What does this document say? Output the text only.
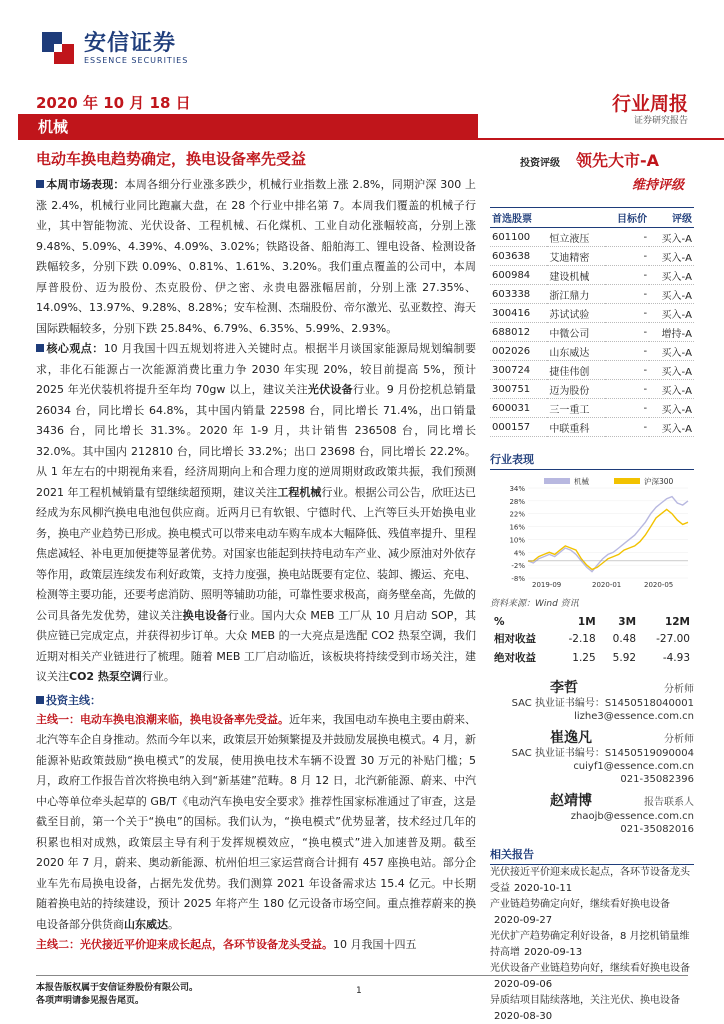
安信证券
ESSENCE SECURITIES
2020 年 10 月 18 日	行业周报
机械	证券研究报告
电动车换电趋势确定，换电设备率先受益

本周市场表现：本周各细分行业涨多跌少，机械行业指数上涨 2.8%，同期沪深 300 上涨 2.4%，机械行业同比跑赢大盘，在 28 个行业中排名第 7。本周我们覆盖的机械子行业，其中智能物流、光伏设备、工程机械、石化煤机、工业自动化涨幅较高，分别上涨 9.48%、5.09%、4.39%、4.09%、3.02%；铁路设备、船舶海工、锂电设备、检测设备跌幅较多，分别下跌 0.09%、0.81%、1.61%、3.20%。我们重点覆盖的公司中，本周厚普股份、迈为股份、杰克股份、伊之密、永贵电器涨幅居前，分别上涨 27.35%、14.09%、13.97%、9.28%、8.28%；安车检测、杰瑞股份、帝尔激光、弘亚数控、海天国际跌幅较多，分别下跌 25.84%、6.79%、6.35%、5.99%、2.93%。

核心观点：10 月我国十四五规划将进入关键时点。根据半月谈国家能源局规划编制要求，非化石能源占一次能源消费比重力争 2030 年实现 20%，较目前提高 5%，预计 2025 年光伏装机将提升至年均 70gw 以上，建议关注光伏设备行业。9 月份挖机总销量 26034 台，同比增长 64.8%，其中国内销量 22598 台，同比增长 71.4%，出口销量 3436 台，同比增长 31.3%。2020 年 1-9 月，共计销售 236508 台，同比增长 32.0%。其中国内 212810 台，同比增长 33.2%；出口 23698 台，同比增长 22.2%。从 1 年左右的中期视角来看，经济周期向上和合理力度的逆周期财政政策共振，我们预测 2021 年工程机械销量有望继续超预期，建议关注工程机械行业。根据公司公告，欣旺达已经成为东风柳汽换电电池包供应商。近两月已有软银、宁德时代、上汽等巨头开始换电业务，换电产业趋势已形成。换电模式可以带来电动车购车成本大幅降低、残值率提升、里程焦虑减轻、补电更加便捷等显著优势。对国家也能起到扶持电动车产业、减少原油对外依存等作用，政策层连续发布利好政策，支持力度强，换电站既要有定位、装卸、搬运、充电、检测等主要功能，还要考虑消防、照明等辅助功能，可靠性要求极高，商务壁垒高，先做的公司具备先发优势，建议关注换电设备行业。国内大众 MEB 工厂从 10 月启动 SOP，其供应链已完成定点，并获得初步订单。大众 MEB 的一大亮点是选配 CO2 热泵空调，我们近期对相关产业链进行了梳理。随着 MEB 工厂启动临近，该板块将持续受到市场关注，建议关注CO2 热泵空调行业。

投资主线：

主线一：电动车换电浪潮来临，换电设备率先受益。近年来，我国电动车换电主要由蔚来、北汽等车企自身推动。然而今年以来，政策层开始频繁提及并鼓励发展换电模式。4 月，新能源补贴政策鼓励“换电模式”的发展，使用换电技术车辆不设置 30 万元的补贴门槛；5 月，政府工作报告首次将换电纳入到“新基建”范畴。8 月 12 日，北汽新能源、蔚来、中汽中心等单位牵头起草的 GB/T《电动汽车换电安全要求》推荐性国家标准通过了审查，这是截至目前，第一个关于“换电”的国标。我们认为，“换电模式”优势显著，技术经过几年的积累也相对成熟，政策层主导有利于发挥规模效应，“换电模式”进入加速普及期。截至 2020 年 7 月，蔚来、奥动新能源、杭州伯坦三家运营商合计拥有 457 座换电站。部分企业车先布局换电设备，占据先发优势。我们测算 2021 年设备需求达 15.4 亿元。中长期随着换电站的持续建设，预计 2025 年将产生 180 亿元设备市场空间。重点推荐蔚来的换电设备部分供货商山东威达。

主线二：光伏接近平价迎来成长起点，各环节设备龙头受益。10 月我国十四五

投资评级 领先大市-A
维持评级
首选股票		目标价	评级
601100	恒立液压	-	买入-A
603638	艾迪精密	-	买入-A
600984	建设机械	-	买入-A
603338	浙江鼎力	-	买入-A
300416	苏试试验	-	买入-A
688012	中微公司	-	增持-A
002026	山东威达	-	买入-A
300724	捷佳伟创	-	买入-A
300751	迈为股份	-	买入-A
600031	三一重工	-	买入-A
000157	中联重科	-	买入-A
行业表现
34%
28%
22%
16%
10%
4%
-2%
-8%
2019-09	2020-01	2020-05
机械	沪深300
资料来源：Wind 资讯
%	1M	3M	12M
相对收益	-2.18	0.48	-27.00
绝对收益	1.25	5.92	-4.93
李哲	分析师
SAC 执业证书编号：S1450518040001
lizhe3@essence.com.cn
崔逸凡	分析师
SAC 执业证书编号：S1450519090004
cuiyf1@essence.com.cn
021-35082396
赵靖博	报告联系人
zhaojb@essence.com.cn
021-35082016
相关报告
光伏接近平价迎来成长起点，各环节设备龙头受益 2020-10-11
产业链趋势确定向好，继续看好换电设备2020-09-27
光伏扩产趋势确定利好设备，8 月挖机销量维持高增 2020-09-13
光伏设备产业链趋势向好，继续看好换电设备2020-09-06
异质结项目陆续落地，关注光伏、换电设备2020-08-30
本报告版权属于安信证券股份有限公司。
各项声明请参见报告尾页。
1
